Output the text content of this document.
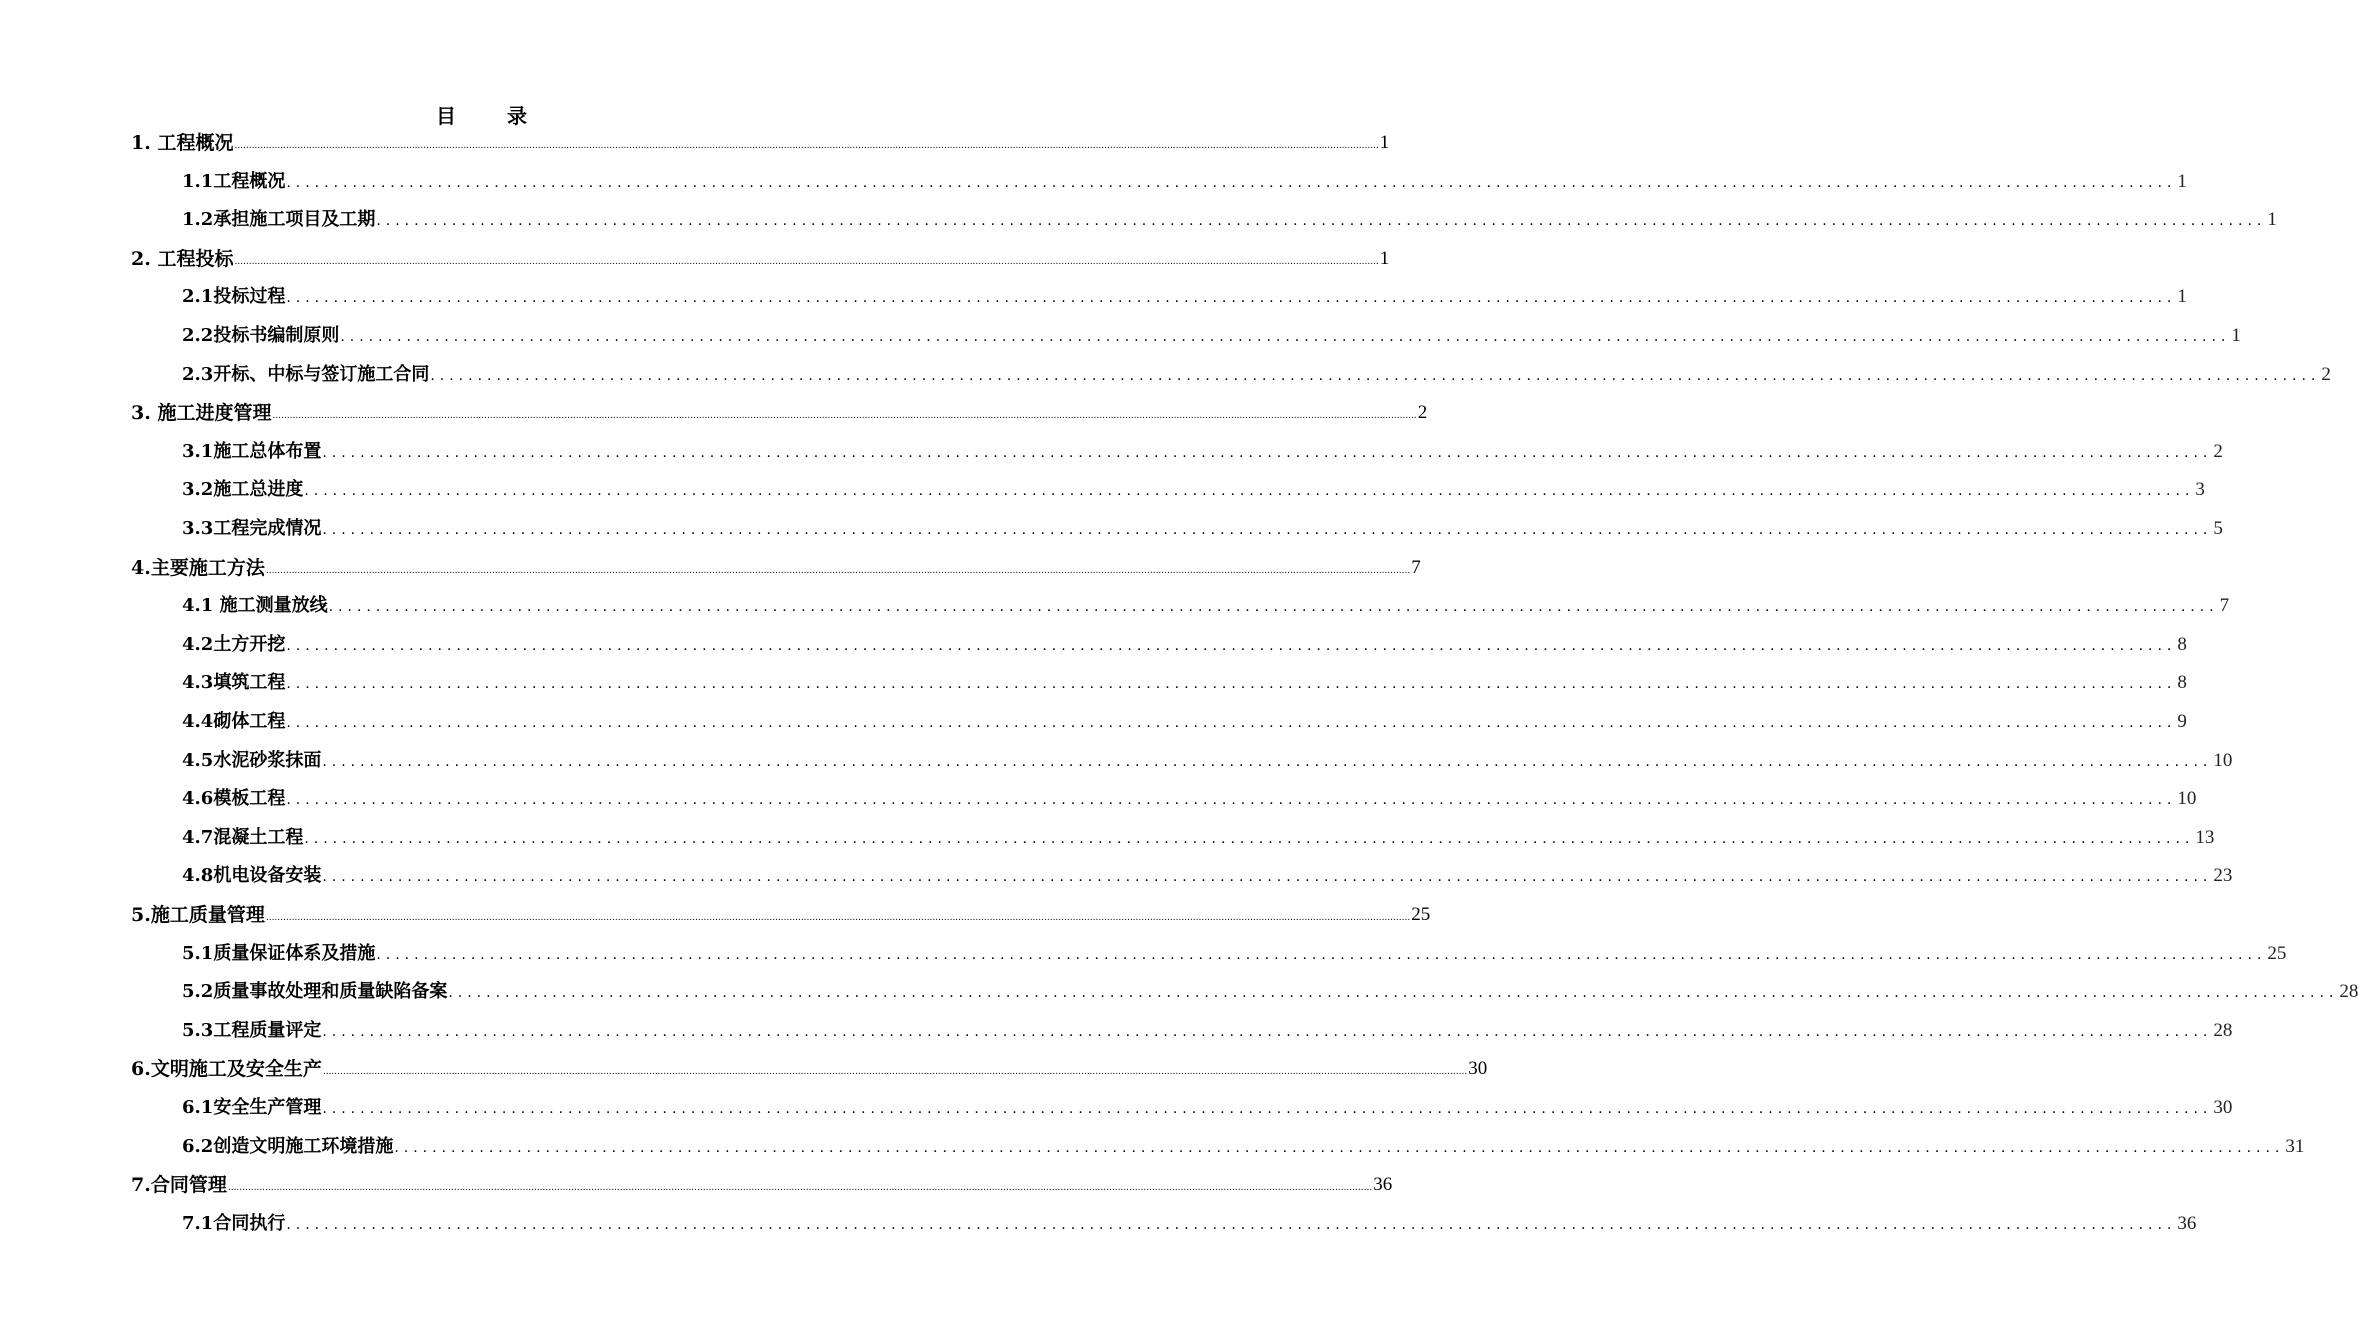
目 录
1. 工程概况 ................................................................................................................................................................................................................................................................................................................................................................................................................ 1
1.1工程概况 ........................................................................................................................................................................................................ 1
1.2承担施工项目及工期 ........................................................................................................................................................................................................ 1
2. 工程投标 ................................................................................................................................................................................................................................................................................................................................................................................................................ 1
2.1投标过程 ........................................................................................................................................................................................................ 1
2.2投标书编制原则 ........................................................................................................................................................................................................ 1
2.3开标、中标与签订施工合同 ........................................................................................................................................................................................................ 2
3. 施工进度管理 ................................................................................................................................................................................................................................................................................................................................................................................................................ 2
3.1施工总体布置 ........................................................................................................................................................................................................ 2
3.2施工总进度 ........................................................................................................................................................................................................ 3
3.3工程完成情况 ........................................................................................................................................................................................................ 5
4.主要施工方法 ................................................................................................................................................................................................................................................................................................................................................................................................................ 7
4.1 施工测量放线 ........................................................................................................................................................................................................ 7
4.2土方开挖 ........................................................................................................................................................................................................ 8
4.3填筑工程 ........................................................................................................................................................................................................ 8
4.4砌体工程 ........................................................................................................................................................................................................ 9
4.5水泥砂浆抹面 ........................................................................................................................................................................................................ 10
4.6模板工程 ........................................................................................................................................................................................................ 10
4.7混凝土工程 ........................................................................................................................................................................................................ 13
4.8机电设备安装 ........................................................................................................................................................................................................ 23
5.施工质量管理 ................................................................................................................................................................................................................................................................................................................................................................................................................ 25
5.1质量保证体系及措施 ........................................................................................................................................................................................................ 25
5.2质量事故处理和质量缺陷备案 ........................................................................................................................................................................................................ 28
5.3工程质量评定 ........................................................................................................................................................................................................ 28
6.文明施工及安全生产 ................................................................................................................................................................................................................................................................................................................................................................................................................ 30
6.1安全生产管理 ........................................................................................................................................................................................................ 30
6.2创造文明施工环境措施 ........................................................................................................................................................................................................ 31
7.合同管理 ................................................................................................................................................................................................................................................................................................................................................................................................................ 36
7.1合同执行 ........................................................................................................................................................................................................ 36
